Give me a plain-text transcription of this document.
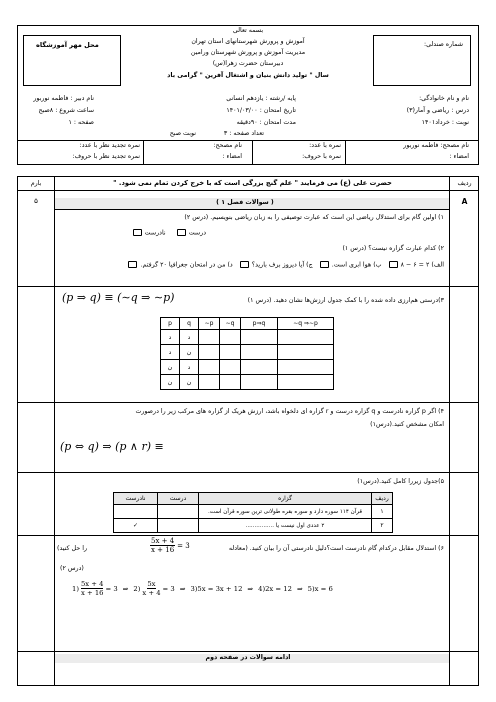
محل مهر آموزشگاه	شماره صندلی:
بسمه تعالی
آموزش و پرورش شهرستانهای استان تهران
مدیریت آموزش و پرورش شهرستان ورامین
دبیرستان حضرت زهرا(س)
سال " تولید دانش بنیان و اشتغال آفرین " گرامی باد
نام و نام خانوادگی:
پایه /رشته : یازدهم انسانی
نام دبیر : فاطمه نوربور
درس : ریاضی و آمار(۳)
تاریخ امتحان : ۱۴۰۱/۰۳/۰۰
نوبت : خرداد۱۴۰۱
نوبت صبح
ساعت شروع : ۸صبح
تعداد صفحه : ۳
صفحه : ۱	مدت امتحان : ۹۰دقیقه
نام مصحح: فاطمه نوربور
نمره با عدد:
نام مصحح:
نمره تجدید نظر با عدد:
امضاء :
نمره با حروف:
امضاء :
نمره تجدید نظر با حروف:
ردیف
حضرت علی (ع) می فرمایند " علم گنج بزرگی است که با خرج کردن تمام نمی شود. "
بارم
A
( سوالات فصل ۱ )
۵
۱) اولین گام برای استدلال ریاضی این است که عبارت توصیفی را به زبان ریاضی بنویسیم. (درس ۲)
درست      نادرست
۲) کدام عبارت گزاره نیست؟ (درس ۱)
الف) ۲ = ۶ − ۸    ب) هوا ابری است.    ج) آیا دیروز برف بارید؟    د) من در امتحان جغرافیا ۲۰ گرفتم.
(p ⇒ q) ≡ (∼q ⇒ ∼p)	۳)درستی هم‌ارزی داده شده را با کمک جدول ارزش‌ها نشان دهید. (درس ۱)
p	q	∼p	∼q	p⇒q	∼q ⇒∼p
د	د				
د	ن				
ن	د				
ن	ن				
۴) اگر p گزاره نادرست و q گزاره درست و r گزاره ای دلخواه باشد، ارزش هریک از گزاره های مرکب زیر را درصورت
امکان مشخص کنید.(درس۱)
(p ⇔ q) ⇒ (p ∧ r) ≡
۵)جدول زیررا کامل کنید.(درس۱)
ردیف	گزاره	درست	نادرست
۱	قرآن ۱۱۴ سوره دارد و سوره بقره طولانی ترین سوره قرآن است.		
۲	۲ عددی اول نیست یا ................		✓
۶) استدلال مقابل درکدام گام نادرست است؟دلیل نادرستی آن را بیان کنید. (معادله
$\frac{5x + 4}{x + 16} = 3$
را حل کنید)
(درس ۲)
1)
5x + 4
x + 16
= 3 ⇒ 2)
5x
x + 4
= 3 ⇒ 3)5x = 3x + 12 ⇒ 4)2x = 12 ⇒ 5)x = 6
ادامه سوالات در صفحه دوم
